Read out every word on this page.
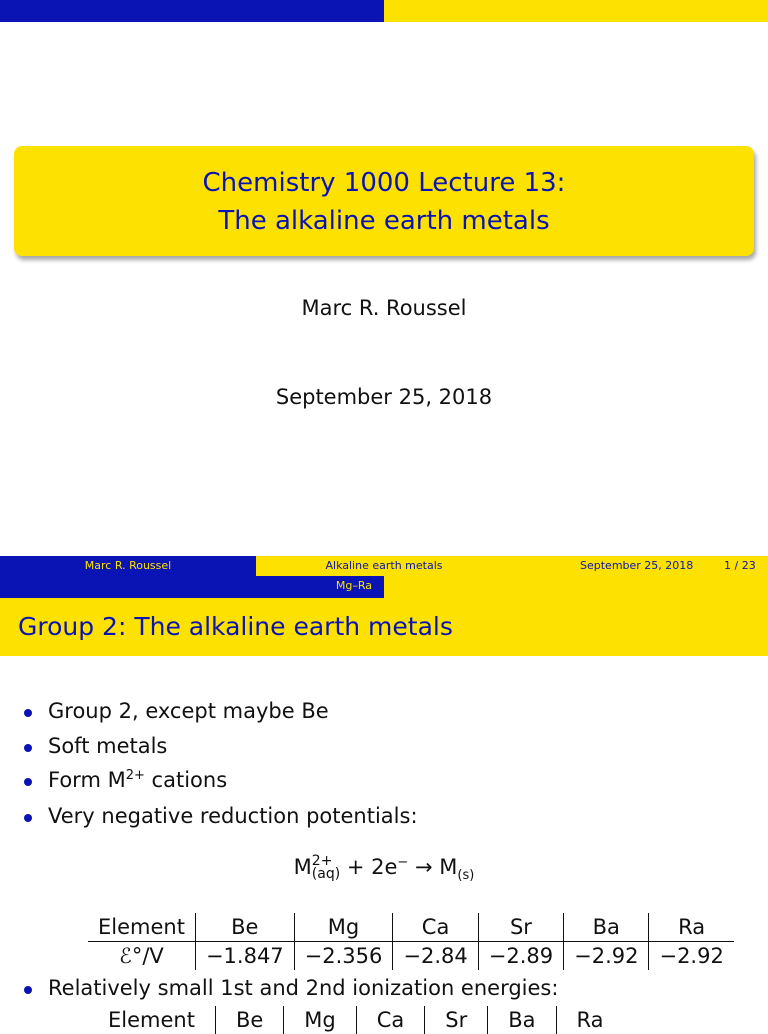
Chemistry 1000 Lecture 13:
The alkaline earth metals
Marc R. Roussel
September 25, 2018
Marc R. Roussel	Alkaline earth metals	September 25, 2018	1 / 23
Mg–Ra
Group 2: The alkaline earth metals
Group 2, except maybe Be
Soft metals
Form $M^{2+}$ cations
Very negative reduction potentials:
M 2+
$(aq) + 2e^- \to M_{(s)}$
Element	Be	Mg	Ca	Sr	Ba	Ra
ℰ°/V	−1.847	−2.356	−2.84	−2.89	−2.92	−2.92
Relatively small 1st and 2nd ionization energies:
Element	Be	Mg	Ca	Sr	Ba	Ra
